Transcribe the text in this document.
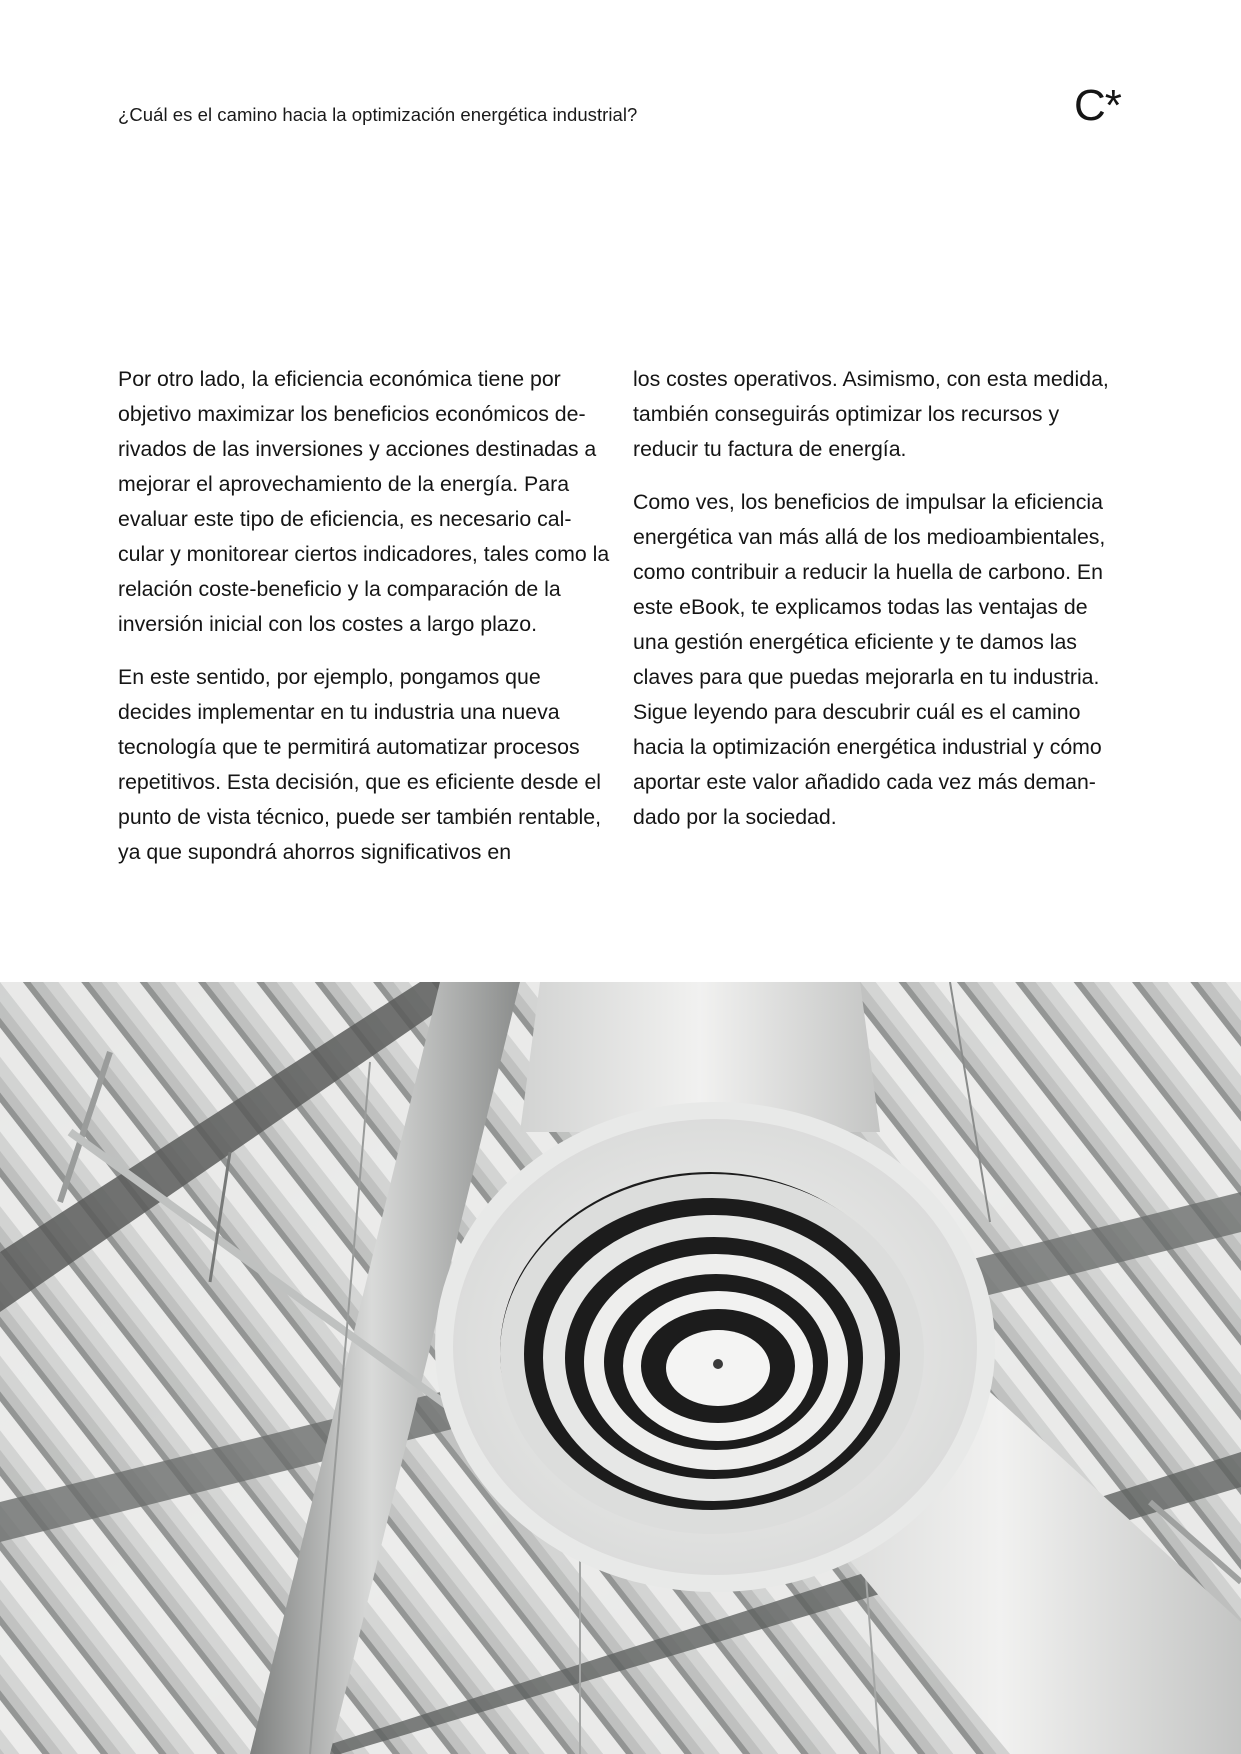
¿Cuál es el camino hacia la optimización energética industrial?	C*

Por otro lado, la eficiencia económica tiene por objetivo maximizar los beneficios económicos derivados de las inversiones y acciones destinadas a mejorar el aprovechamiento de la energía. Para evaluar este tipo de eficiencia, es necesario calcular y monitorear ciertos indicadores, tales como la relación coste-beneficio y la comparación de la inversión inicial con los costes a largo plazo.

En este sentido, por ejemplo, pongamos que decides implementar en tu industria una nueva tecnología que te permitirá automatizar procesos repetitivos. Esta decisión, que es eficiente desde el punto de vista técnico, puede ser también rentable, ya que supondrá ahorros significativos en

los costes operativos. Asimismo, con esta medida, también conseguirás optimizar los recursos y reducir tu factura de energía.

Como ves, los beneficios de impulsar la eficiencia energética van más allá de los medioambientales, como contribuir a reducir la huella de carbono. En este eBook, te explicamos todas las ventajas de una gestión energética eficiente y te damos las claves para que puedas mejorarla en tu industria. Sigue leyendo para descubrir cuál es el camino hacia la optimización energética industrial y cómo aportar este valor añadido cada vez más demandado por la sociedad.
